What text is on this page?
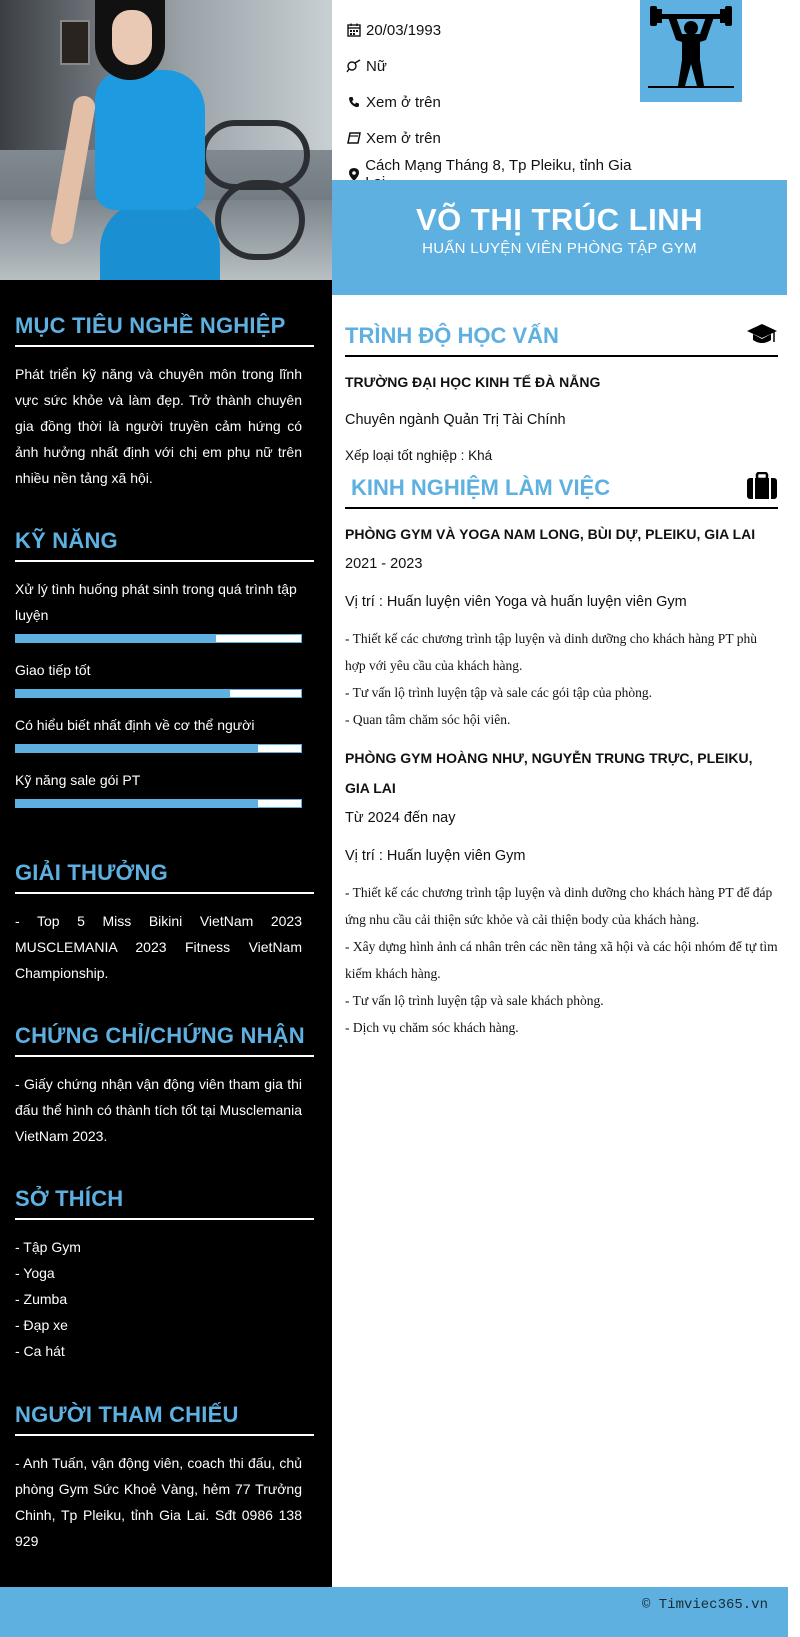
MỤC TIÊU NGHỀ NGHIỆP

Phát triển kỹ năng và chuyên môn trong lĩnh vực sức khỏe và làm đẹp. Trở thành chuyên gia đồng thời là người truyền cảm hứng có ảnh hưởng nhất định với chị em phụ nữ trên nhiều nền tảng xã hội.

KỸ NĂNG
Xử lý tình huống phát sinh trong quá trình tập luyện
Giao tiếp tốt
Có hiểu biết nhất định về cơ thể người
Kỹ năng sale gói PT
GIẢI THƯỞNG

- Top 5 Miss Bikini VietNam 2023 MUSCLEMANIA 2023 Fitness VietNam Championship.

CHỨNG CHỈ/CHỨNG NHẬN

- Giấy chứng nhận vận động viên tham gia thi đấu thể hình có thành tích tốt tại Musclemania VietNam 2023.

SỞ THÍCH
- Tập Gym
- Yoga
- Zumba
- Đạp xe
- Ca hát
NGƯỜI THAM CHIẾU

- Anh Tuấn, vận động viên, coach thi đấu, chủ phòng Gym Sức Khoẻ Vàng, hẻm 77 Trưởng Chinh, Tp Pleiku, tỉnh Gia Lai. Sđt 0986 138 929

20/03/1993
Nữ
Xem ở trên
Xem ở trên
Cách Mạng Tháng 8, Tp Pleiku, tỉnh Gia
VÕ THỊ TRÚC LINH
HUẤN LUYỆN VIÊN PHÒNG TẬP GYM
TRÌNH ĐỘ HỌC VẤN
TRƯỜNG ĐẠI HỌC KINH TẾ ĐÀ NẴNG
Chuyên ngành Quản Trị Tài Chính
Xếp loại tốt nghiệp : Khá
KINH NGHIỆM LÀM VIỆC
PHÒNG GYM VÀ YOGA NAM LONG, BÙI DỰ, PLEIKU, GIA LAI
2021 - 2023
Vị trí : Huấn luyện viên Yoga và huấn luyện viên Gym
- Thiết kế các chương trình tập luyện và dinh dưỡng cho khách hàng PT phù hợp với yêu cầu của khách hàng.
- Tư vấn lộ trình luyện tập và sale các gói tập của phòng.
- Quan tâm chăm sóc hội viên.
PHÒNG GYM HOÀNG NHƯ, NGUYỄN TRUNG TRỰC, PLEIKU, GIA LAI
Từ 2024 đến nay
Vị trí : Huấn luyện viên Gym
- Thiết kế các chương trình tập luyện và dinh dưỡng cho khách hàng PT để đáp ứng nhu cầu cải thiện sức khỏe và cải thiện body của khách hàng.
- Xây dựng hình ảnh cá nhân trên các nền tảng xã hội và các hội nhóm để tự tìm kiếm khách hàng.
- Tư vấn lộ trình luyện tập và sale khách phòng.
- Dịch vụ chăm sóc khách hàng.
© Timviec365.vn
